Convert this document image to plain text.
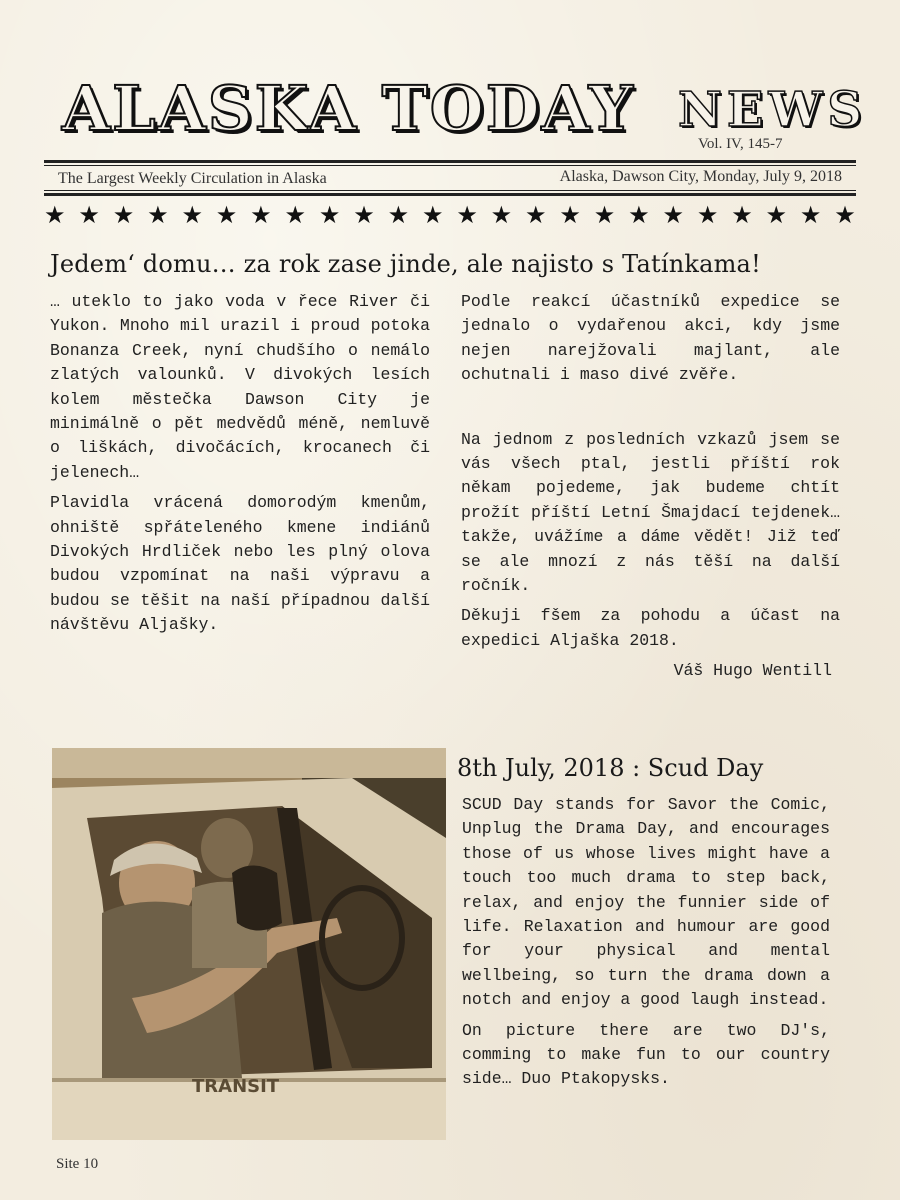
ALASKA TODAY NEWS
Vol. IV, 145-7
The Largest Weekly Circulation in Alaska	Alaska, Dawson City, Monday, July 9, 2018
★ ★ ★ ★ ★ ★ ★ ★ ★ ★ ★ ★ ★ ★ ★ ★ ★ ★ ★ ★ ★ ★ ★ ★
Jedem‘ domu… za rok zase jinde, ale najisto s Tatínkama!

… uteklo to jako voda v řece River či Yukon. Mnoho mil urazil i proud potoka Bonanza Creek, nyní chudšího o nemálo zlatých valounků. V divokých lesích kolem městečka Dawson City je minimálně o pět medvědů méně, nemluvě o liškách, divočácích, krocanech či jelenech…

Plavidla vrácená domorodým kmenům, ohniště spřáteleného kmene indiánů Divokých Hrdliček nebo les plný olova budou vzpomínat na naši výpravu a budou se těšit na naší případnou další návštěvu Aljašky.

Podle reakcí účastníků expedice se jednalo o vydařenou akci, kdy jsme nejen narejžovali majlant, ale ochutnali i maso divé zvěře.

Na jednom z posledních vzkazů jsem se vás všech ptal, jestli příští rok někam pojedeme, jak budeme chtít prožít příští Letní Šmajdací tejdenek… takže, uvážíme a dáme vědět! Již teď se ale mnozí z nás těší na další ročník.

Děkuji fšem za pohodu a účast na expedici Aljaška 2018.

Váš Hugo Wentill

TRANSIT
8th July, 2018 : Scud Day

SCUD Day stands for Savor the Comic, Unplug the Drama Day, and encourages those of us whose lives might have a touch too much drama to step back, relax, and enjoy the funnier side of life. Relaxation and humour are good for your physical and mental wellbeing, so turn the drama down a notch and enjoy a good laugh instead.

On picture there are two DJ's, comming to make fun to our country side… Duo Ptakopysks.

Site 10
